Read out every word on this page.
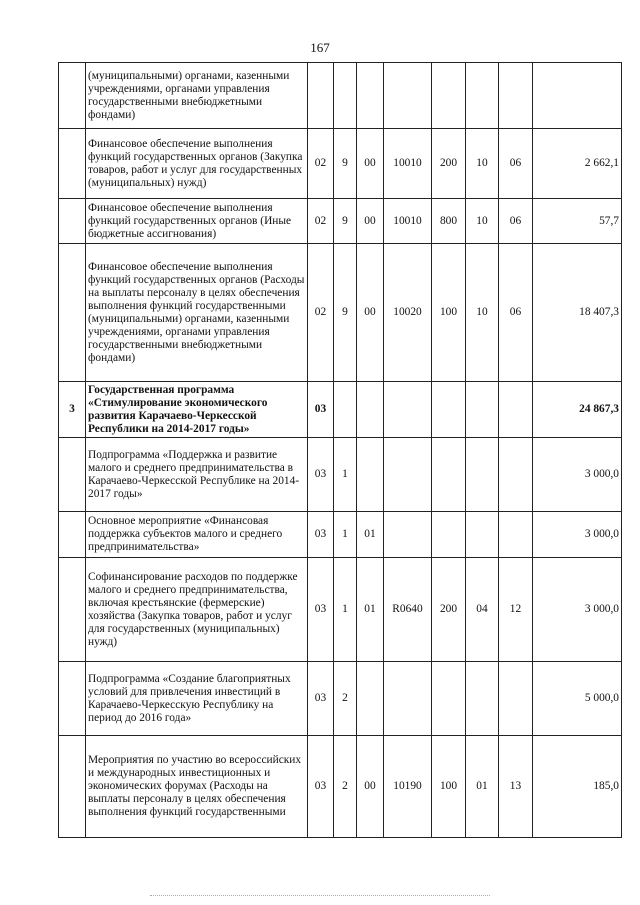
167
	(муниципальными) органами, казенными учреждениями, органами управления государственными внебюджетными фондами)								
	Финансовое обеспечение выполнения функций государственных органов (Закупка товаров, работ и услуг для государственных (муниципальных) нужд)	02	9	00	10010	200	10	06	2 662,1
	Финансовое обеспечение выполнения функций государственных органов (Иные бюджетные ассигнования)	02	9	00	10010	800	10	06	57,7
	Финансовое обеспечение выполнения функций государственных органов (Расходы на выплаты персоналу в целях обеспечения выполнения функций государственными (муниципальными) органами, казенными учреждениями, органами управления государственными внебюджетными фондами)	02	9	00	10020	100	10	06	18 407,3
3	Государственная программа «Стимулирование экономического развития Карачаево-Черкесской Республики на 2014-2017 годы»	03							24 867,3
	Подпрограмма «Поддержка и развитие малого и среднего предпринимательства в Карачаево-Черкесской Республике на 2014-2017 годы»	03	1						3 000,0
	Основное мероприятие «Финансовая поддержка субъектов малого и среднего предпринимательства»	03	1	01					3 000,0
	Софинансирование расходов по поддержке малого и среднего предпринимательства, включая крестьянские (фермерские) хозяйства (Закупка товаров, работ и услуг для государственных (муниципальных) нужд)	03	1	01	R0640	200	04	12	3 000,0
	Подпрограмма «Создание благоприятных условий для привлечения инвестиций в Карачаево-Черкесскую Республику на период до 2016 года»	03	2						5 000,0
	Мероприятия по участию во всероссийских и международных инвестиционных и экономических форумах (Расходы на выплаты персоналу в целях обеспечения выполнения функций государственными	03	2	00	10190	100	01	13	185,0
